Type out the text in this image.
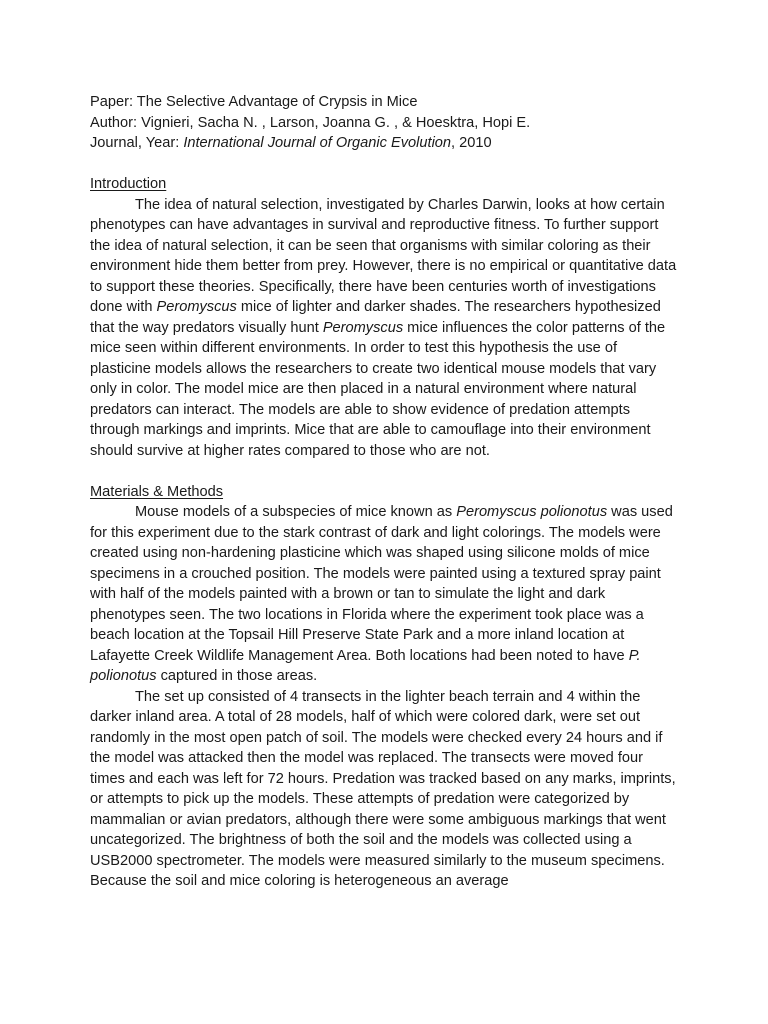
Paper: The Selective Advantage of Crypsis in Mice
Author: Vignieri, Sacha N. , Larson, Joanna G. , & Hoesktra, Hopi E.
Journal, Year: International Journal of Organic Evolution, 2010
Introduction

The idea of natural selection, investigated by Charles Darwin, looks at how certain phenotypes can have advantages in survival and reproductive fitness. To further support the idea of natural selection, it can be seen that organisms with similar coloring as their environment hide them better from prey. However, there is no empirical or quantitative data to support these theories. Specifically, there have been centuries worth of investigations done with Peromyscus mice of lighter and darker shades. The researchers hypothesized that the way predators visually hunt Peromyscus mice influences the color patterns of the mice seen within different environments. In order to test this hypothesis the use of plasticine models allows the researchers to create two identical mouse models that vary only in color. The model mice are then placed in a natural environment where natural predators can interact. The models are able to show evidence of predation attempts through markings and imprints. Mice that are able to camouflage into their environment should survive at higher rates compared to those who are not.

Materials & Methods

Mouse models of a subspecies of mice known as Peromyscus polionotus was used for this experiment due to the stark contrast of dark and light colorings. The models were created using non-hardening plasticine which was shaped using silicone molds of mice specimens in a crouched position. The models were painted using a textured spray paint with half of the models painted with a brown or tan to simulate the light and dark phenotypes seen. The two locations in Florida where the experiment took place was a beach location at the Topsail Hill Preserve State Park and a more inland location at Lafayette Creek Wildlife Management Area. Both locations had been noted to have P. polionotus captured in those areas.

The set up consisted of 4 transects in the lighter beach terrain and 4 within the darker inland area. A total of 28 models, half of which were colored dark, were set out randomly in the most open patch of soil. The models were checked every 24 hours and if the model was attacked then the model was replaced. The transects were moved four times and each was left for 72 hours. Predation was tracked based on any marks, imprints, or attempts to pick up the models. These attempts of predation were categorized by mammalian or avian predators, although there were some ambiguous markings that went uncategorized. The brightness of both the soil and the models was collected using a USB2000 spectrometer. The models were measured similarly to the museum specimens. Because the soil and mice coloring is heterogeneous an average
